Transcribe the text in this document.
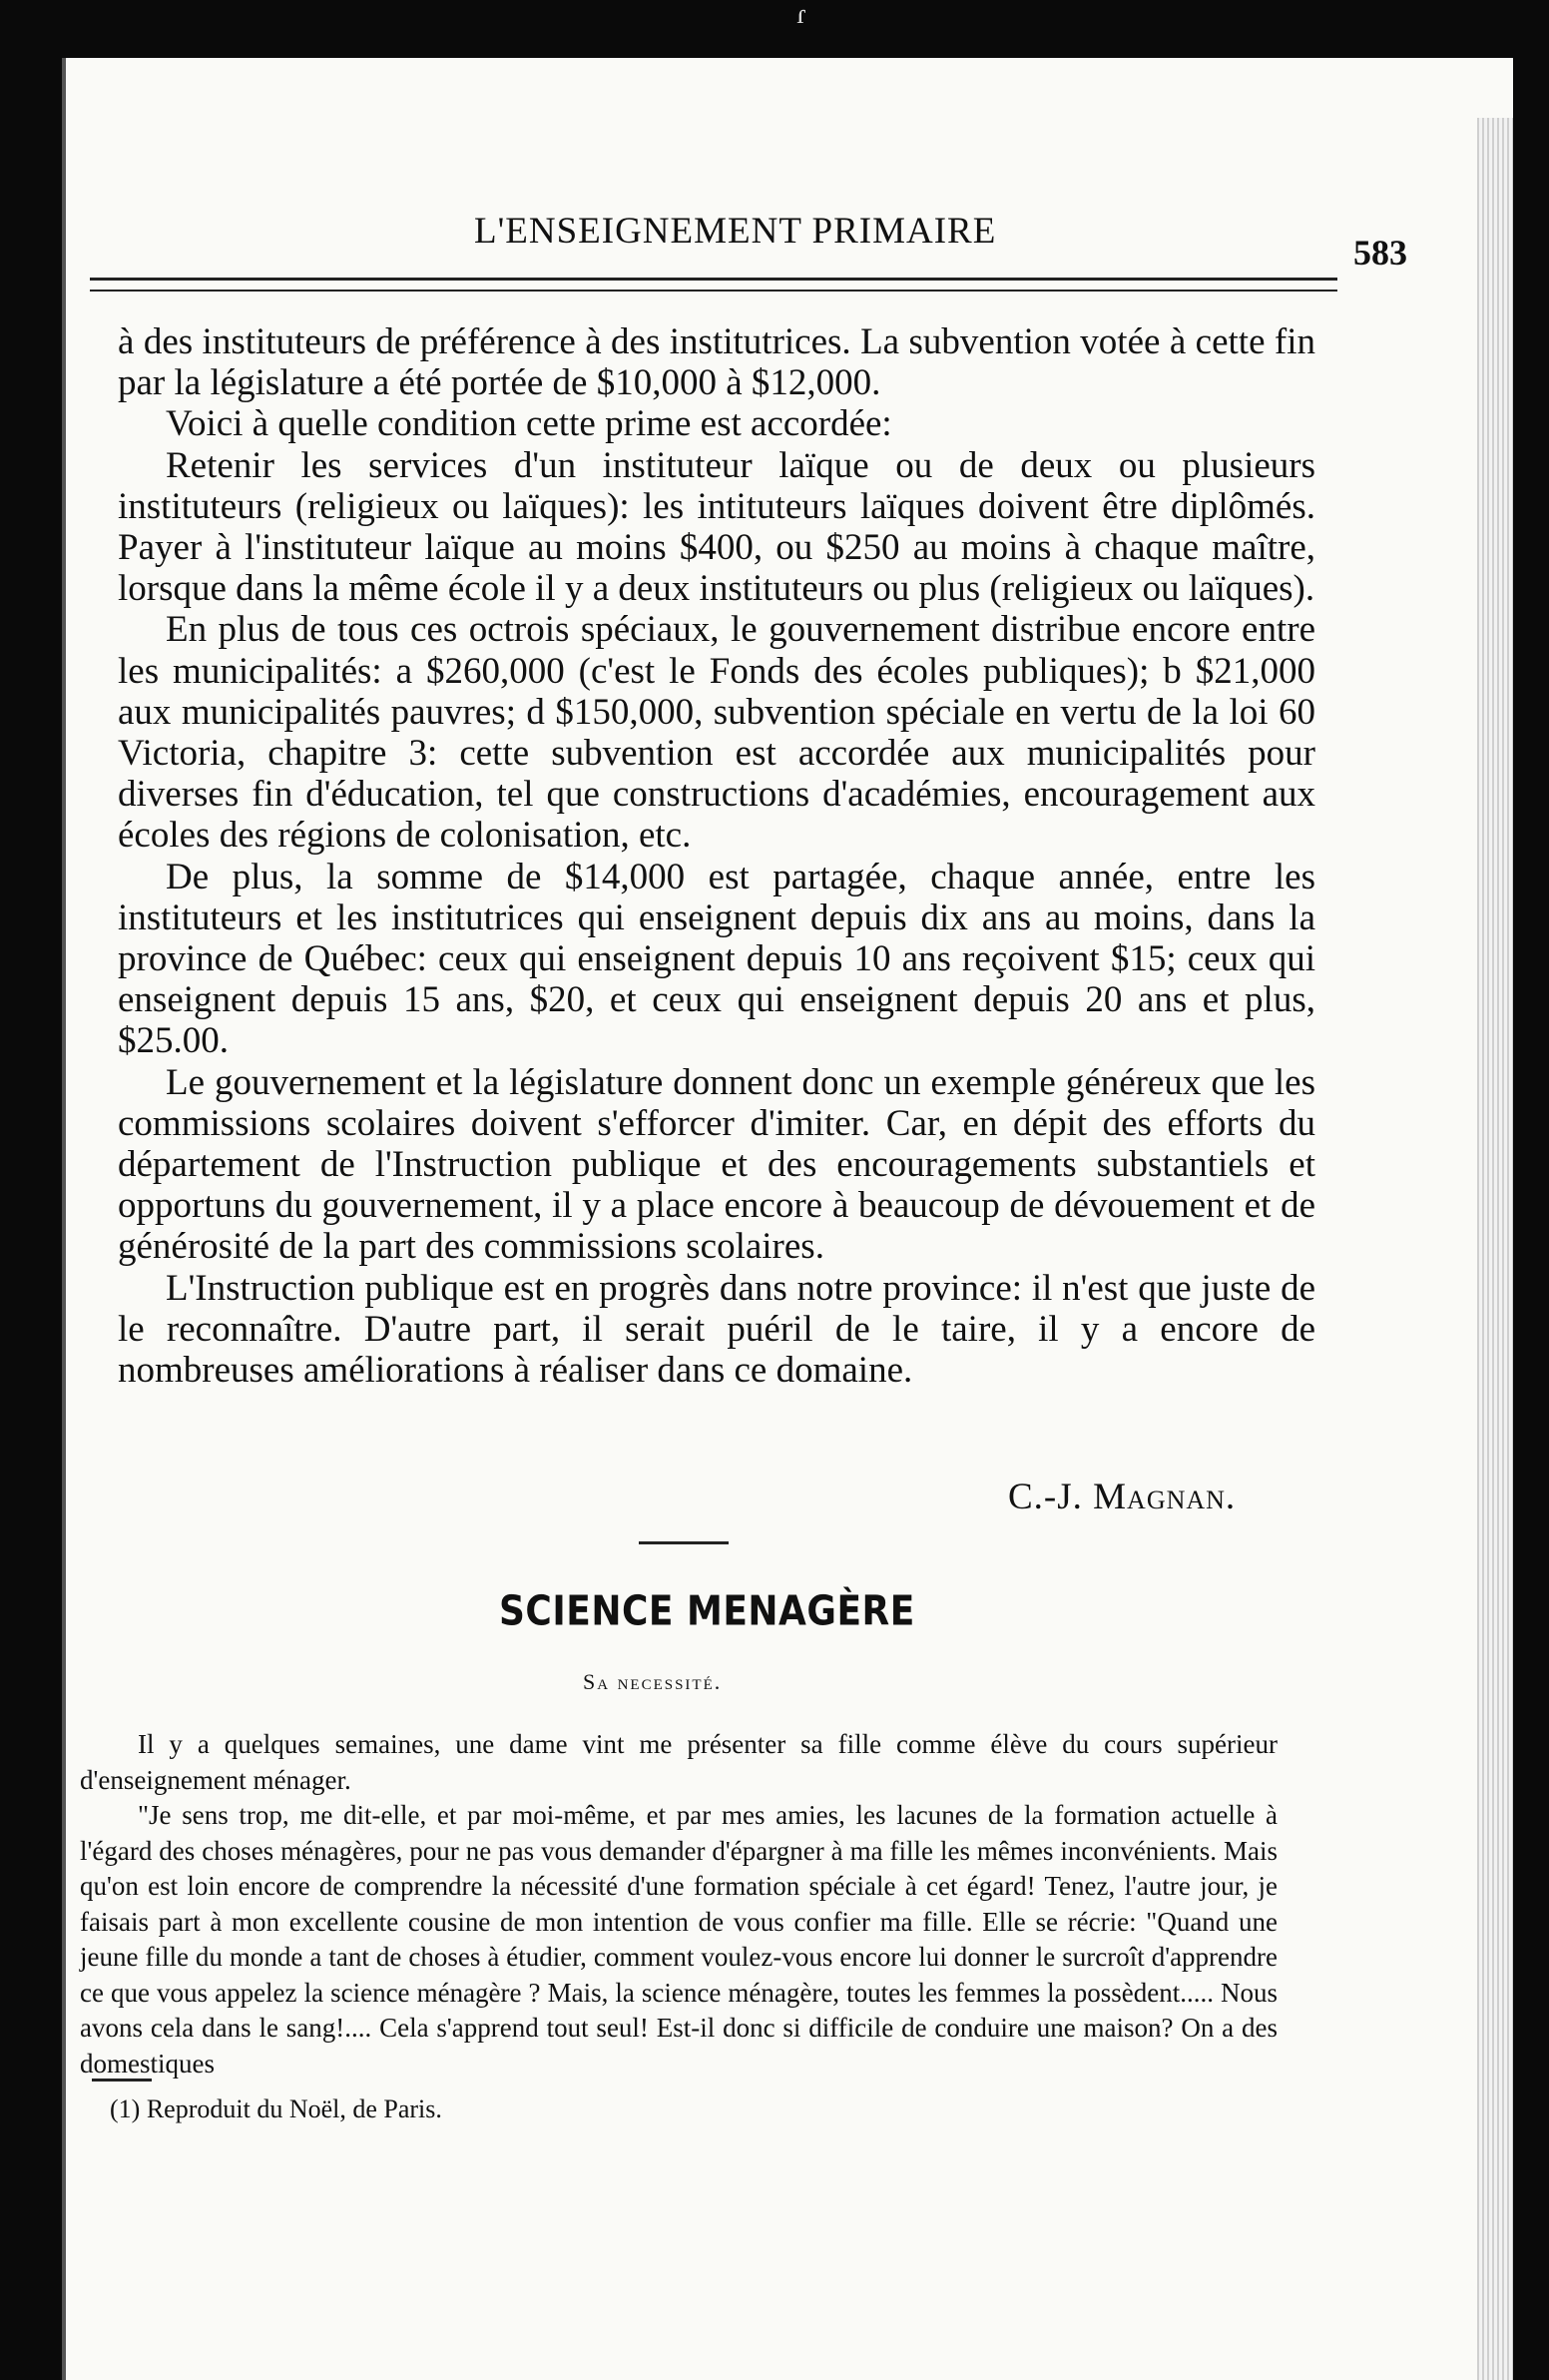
ɾ
L'ENSEIGNEMENT PRIMAIRE
583

à des instituteurs de préférence à des institutrices. La subvention votée à cette fin par la législature a été portée de $10,000 à $12,000.

Voici à quelle condition cette prime est accordée:

Retenir les services d'un instituteur laïque ou de deux ou plusieurs instituteurs (religieux ou laïques): les intituteurs laïques doivent être diplômés. Payer à l'instituteur laïque au moins $400, ou $250 au moins à chaque maître, lorsque dans la même école il y a deux instituteurs ou plus (religieux ou laïques).

En plus de tous ces octrois spéciaux, le gouvernement distribue encore entre les municipalités: a $260,000 (c'est le Fonds des écoles publiques); b $21,000 aux municipalités pauvres; d $150,000, subvention spéciale en vertu de la loi 60 Victoria, chapitre 3: cette subvention est accordée aux municipalités pour diverses fin d'éducation, tel que constructions d'académies, encouragement aux écoles des régions de colonisation, etc.

De plus, la somme de $14,000 est partagée, chaque année, entre les instituteurs et les institutrices qui enseignent depuis dix ans au moins, dans la province de Québec: ceux qui enseignent depuis 10 ans reçoivent $15; ceux qui enseignent depuis 15 ans, $20, et ceux qui enseignent depuis 20 ans et plus, $25.00.

Le gouvernement et la législature donnent donc un exemple généreux que les commissions scolaires doivent s'efforcer d'imiter. Car, en dépit des efforts du département de l'Instruction publique et des encouragements substantiels et opportuns du gouvernement, il y a place encore à beaucoup de dévouement et de générosité de la part des commissions scolaires.

L'Instruction publique est en progrès dans notre province: il n'est que juste de le reconnaître. D'autre part, il serait puéril de le taire, il y a encore de nombreuses améliorations à réaliser dans ce domaine.

C.-J. Magnan.
SCIENCE MENAGÈRE
Sa necessité.

Il y a quelques semaines, une dame vint me présenter sa fille comme élève du cours supérieur d'enseignement ménager.

"Je sens trop, me dit-elle, et par moi-même, et par mes amies, les lacunes de la formation actuelle à l'égard des choses ménagères, pour ne pas vous demander d'épargner à ma fille les mêmes inconvénients. Mais qu'on est loin encore de comprendre la nécessité d'une formation spéciale à cet égard! Tenez, l'autre jour, je faisais part à mon excellente cousine de mon intention de vous confier ma fille. Elle se récrie: "Quand une jeune fille du monde a tant de choses à étudier, comment voulez-vous encore lui donner le surcroît d'apprendre ce que vous appelez la science ménagère ? Mais, la science ménagère, toutes les femmes la possèdent..... Nous avons cela dans le sang!.... Cela s'apprend tout seul! Est-il donc si difficile de conduire une maison? On a des domestiques

(1) Reproduit du Noël, de Paris.
